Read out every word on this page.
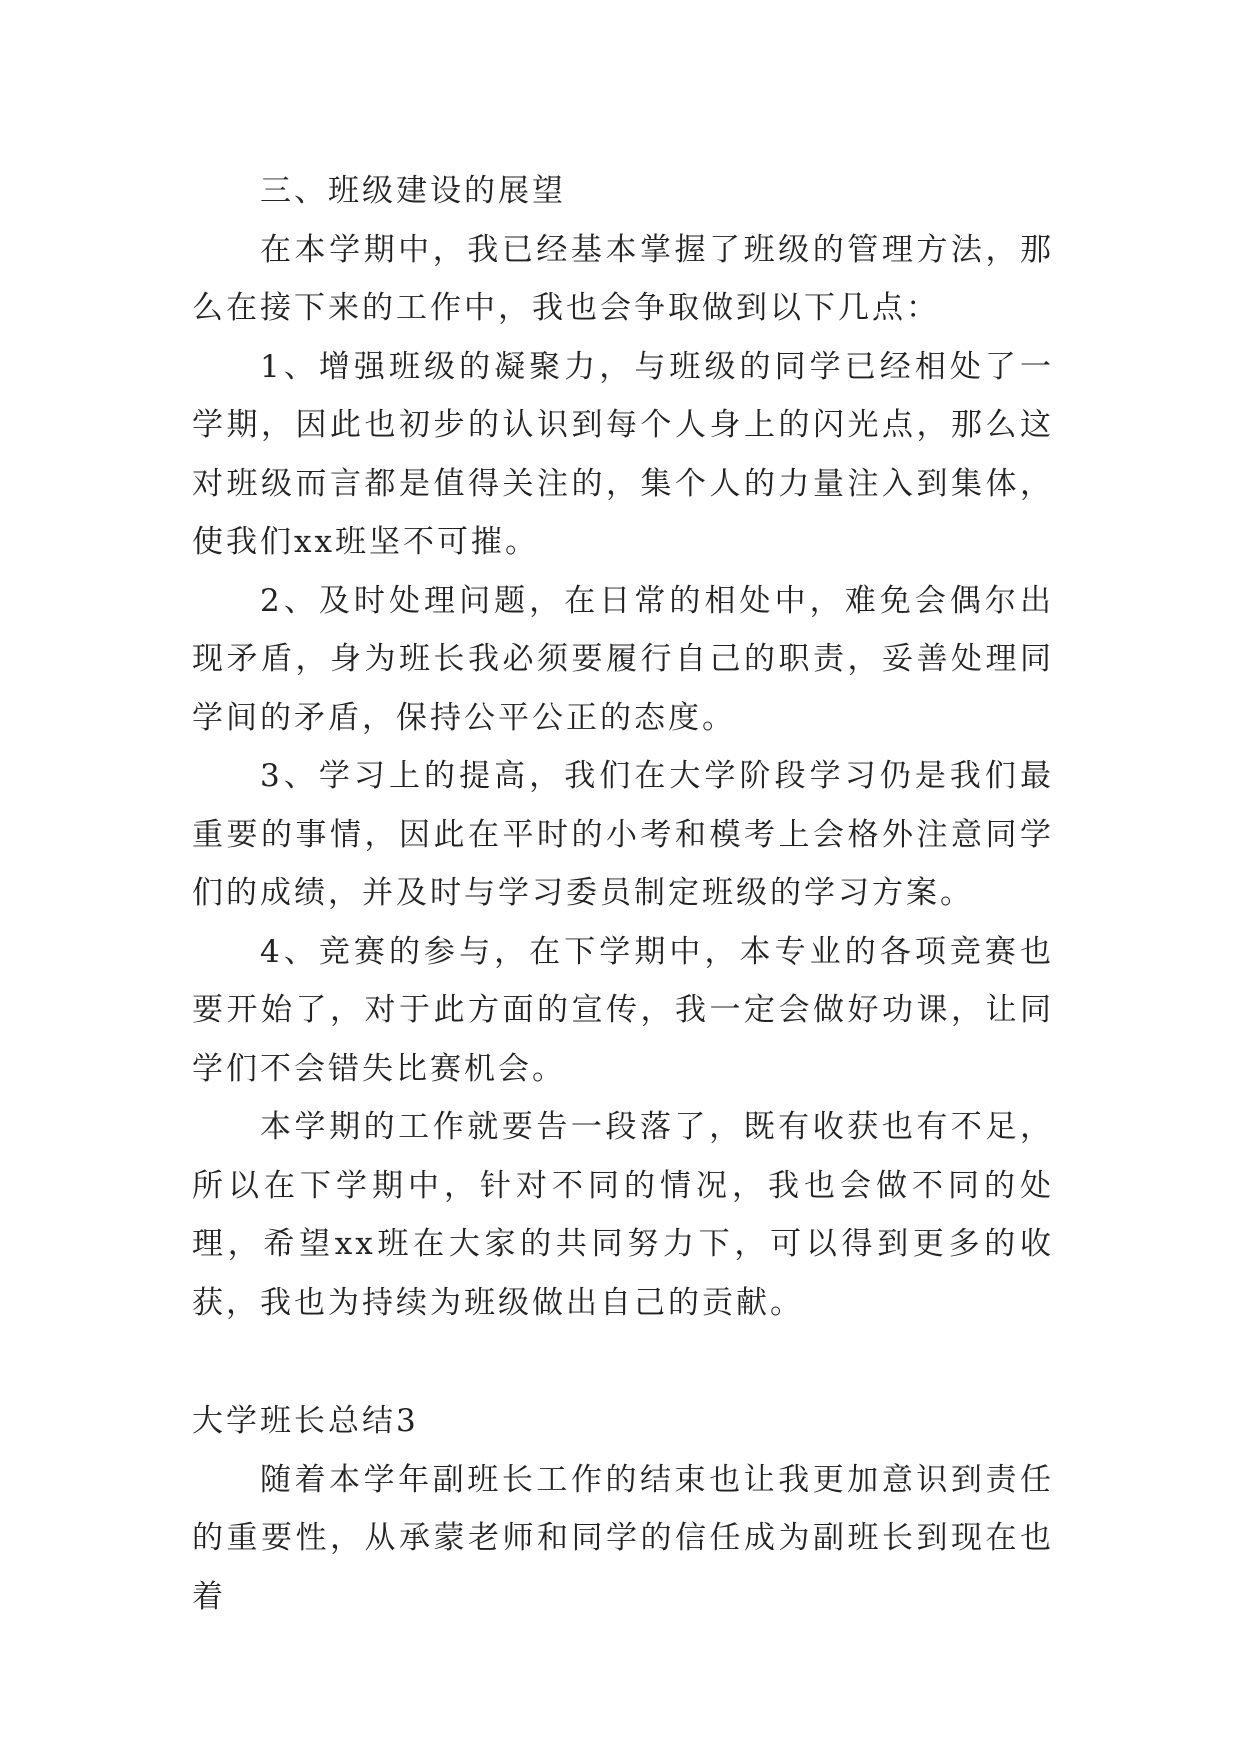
三、班级建设的展望

在本学期中，我已经基本掌握了班级的管理方法，那么在接下来的工作中，我也会争取做到以下几点：

1、增强班级的凝聚力，与班级的同学已经相处了一学期，因此也初步的认识到每个人身上的闪光点，那么这对班级而言都是值得关注的，集个人的力量注入到集体，使我们xx班坚不可摧。

2、及时处理问题，在日常的相处中，难免会偶尔出现矛盾，身为班长我必须要履行自己的职责，妥善处理同学间的矛盾，保持公平公正的态度。

3、学习上的提高，我们在大学阶段学习仍是我们最重要的事情，因此在平时的小考和模考上会格外注意同学们的成绩，并及时与学习委员制定班级的学习方案。

4、竞赛的参与，在下学期中，本专业的各项竞赛也要开始了，对于此方面的宣传，我一定会做好功课，让同学们不会错失比赛机会。

本学期的工作就要告一段落了，既有收获也有不足，所以在下学期中，针对不同的情况，我也会做不同的处理，希望xx班在大家的共同努力下，可以得到更多的收获，我也为持续为班级做出自己的贡献。

大学班长总结3

随着本学年副班长工作的结束也让我更加意识到责任的重要性，从承蒙老师和同学的信任成为副班长到现在也着
